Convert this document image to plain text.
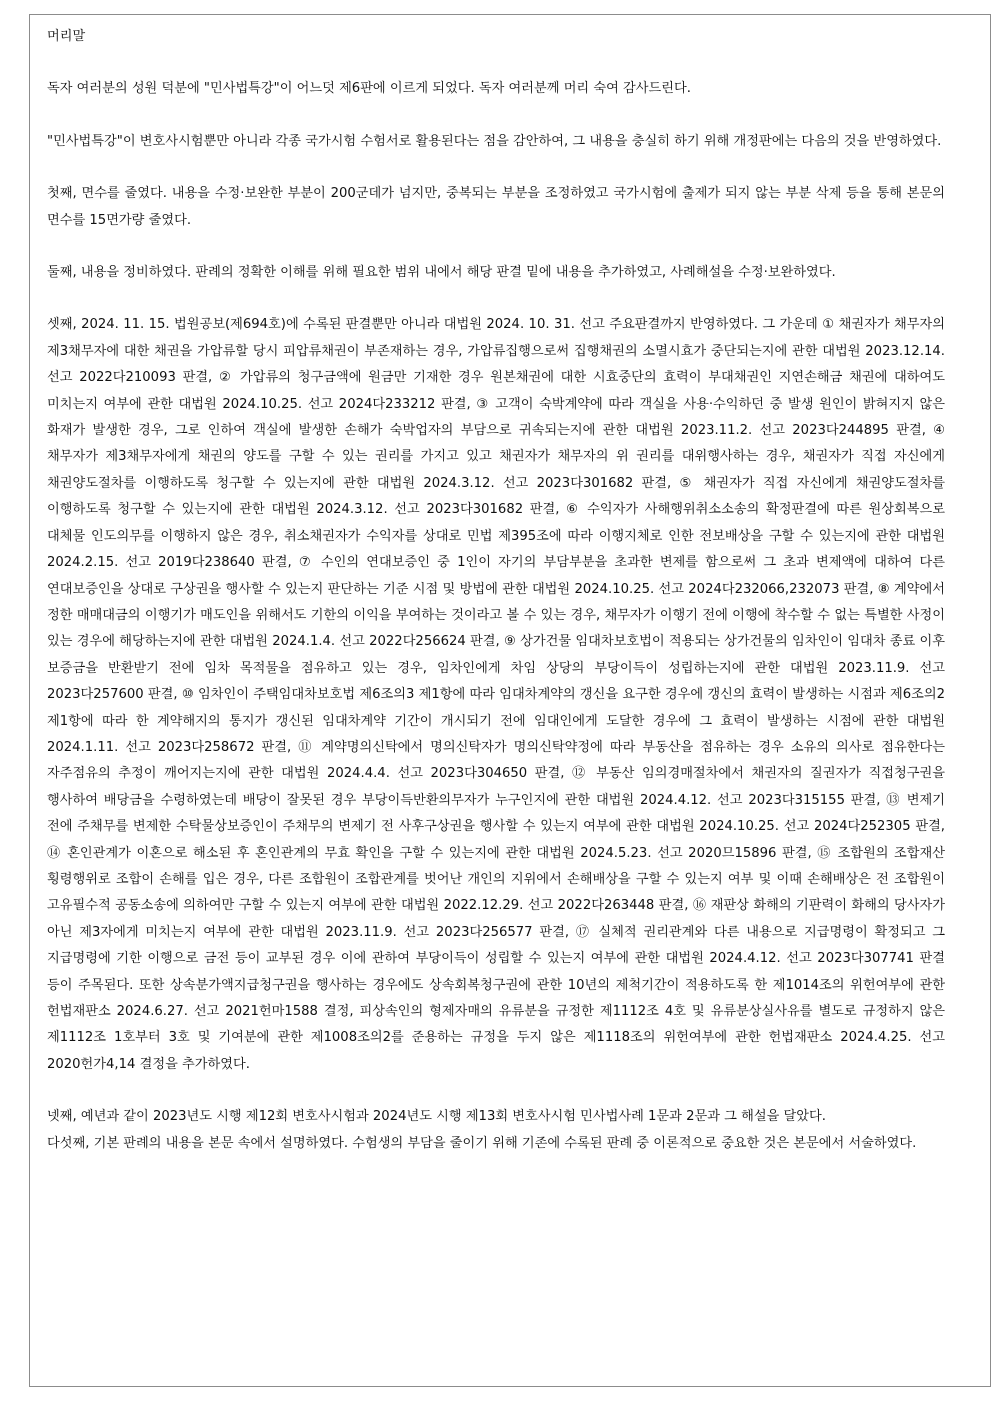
머리말

독자 여러분의 성원 덕분에 "민사법특강"이 어느덧 제6판에 이르게 되었다. 독자 여러분께 머리 숙여 감사드린다.

"민사법특강"이 변호사시험뿐만 아니라 각종 국가시험 수험서로 활용된다는 점을 감안하여, 그 내용을 충실히 하기 위해 개정판에는 다음의 것을 반영하였다.

첫째, 면수를 줄였다. 내용을 수정·보완한 부분이 200군데가 넘지만, 중복되는 부분을 조정하였고 국가시험에 출제가 되지 않는 부분 삭제 등을 통해 본문의 면수를 15면가량 줄였다.

둘째, 내용을 정비하였다. 판례의 정확한 이해를 위해 필요한 범위 내에서 해당 판결 밑에 내용을 추가하였고, 사례해설을 수정·보완하였다.

셋째, 2024. 11. 15. 법원공보(제694호)에 수록된 판결뿐만 아니라 대법원 2024. 10. 31. 선고 주요판결까지 반영하였다. 그 가운데 ① 채권자가 채무자의 제3채무자에 대한 채권을 가압류할 당시 피압류채권이 부존재하는 경우, 가압류집행으로써 집행채권의 소멸시효가 중단되는지에 관한 대법원 2023.12.14. 선고 2022다210093 판결, ② 가압류의 청구금액에 원금만 기재한 경우 원본채권에 대한 시효중단의 효력이 부대채권인 지연손해금 채권에 대하여도 미치는지 여부에 관한 대법원 2024.10.25. 선고 2024다233212 판결, ③ 고객이 숙박계약에 따라 객실을 사용·수익하던 중 발생 원인이 밝혀지지 않은 화재가 발생한 경우, 그로 인하여 객실에 발생한 손해가 숙박업자의 부담으로 귀속되는지에 관한 대법원 2023.11.2. 선고 2023다244895 판결, ④ 채무자가 제3채무자에게 채권의 양도를 구할 수 있는 권리를 가지고 있고 채권자가 채무자의 위 권리를 대위행사하는 경우, 채권자가 직접 자신에게 채권양도절차를 이행하도록 청구할 수 있는지에 관한 대법원 2024.3.12. 선고 2023다301682 판결, ⑤ 채권자가 직접 자신에게 채권양도절차를 이행하도록 청구할 수 있는지에 관한 대법원 2024.3.12. 선고 2023다301682 판결, ⑥ 수익자가 사해행위취소소송의 확정판결에 따른 원상회복으로 대체물 인도의무를 이행하지 않은 경우, 취소채권자가 수익자를 상대로 민법 제395조에 따라 이행지체로 인한 전보배상을 구할 수 있는지에 관한 대법원 2024.2.15. 선고 2019다238640 판결, ⑦ 수인의 연대보증인 중 1인이 자기의 부담부분을 초과한 변제를 함으로써 그 초과 변제액에 대하여 다른 연대보증인을 상대로 구상권을 행사할 수 있는지 판단하는 기준 시점 및 방법에 관한 대법원 2024.10.25. 선고 2024다232066,232073 판결, ⑧ 계약에서 정한 매매대금의 이행기가 매도인을 위해서도 기한의 이익을 부여하는 것이라고 볼 수 있는 경우, 채무자가 이행기 전에 이행에 착수할 수 없는 특별한 사정이 있는 경우에 해당하는지에 관한 대법원 2024.1.4. 선고 2022다256624 판결, ⑨ 상가건물 임대차보호법이 적용되는 상가건물의 임차인이 임대차 종료 이후 보증금을 반환받기 전에 임차 목적물을 점유하고 있는 경우, 임차인에게 차임 상당의 부당이득이 성립하는지에 관한 대법원 2023.11.9. 선고 2023다257600 판결, ⑩ 임차인이 주택임대차보호법 제6조의3 제1항에 따라 임대차계약의 갱신을 요구한 경우에 갱신의 효력이 발생하는 시점과 제6조의2 제1항에 따라 한 계약해지의 통지가 갱신된 임대차계약 기간이 개시되기 전에 임대인에게 도달한 경우에 그 효력이 발생하는 시점에 관한 대법원 2024.1.11. 선고 2023다258672 판결, ⑪ 계약명의신탁에서 명의신탁자가 명의신탁약정에 따라 부동산을 점유하는 경우 소유의 의사로 점유한다는 자주점유의 추정이 깨어지는지에 관한 대법원 2024.4.4. 선고 2023다304650 판결, ⑫ 부동산 임의경매절차에서 채권자의 질권자가 직접청구권을 행사하여 배당금을 수령하였는데 배당이 잘못된 경우 부당이득반환의무자가 누구인지에 관한 대법원 2024.4.12. 선고 2023다315155 판결, ⑬ 변제기 전에 주채무를 변제한 수탁물상보증인이 주채무의 변제기 전 사후구상권을 행사할 수 있는지 여부에 관한 대법원 2024.10.25. 선고 2024다252305 판결, ⑭ 혼인관계가 이혼으로 해소된 후 혼인관계의 무효 확인을 구할 수 있는지에 관한 대법원 2024.5.23. 선고 2020므15896 판결, ⑮ 조합원의 조합재산 횡령행위로 조합이 손해를 입은 경우, 다른 조합원이 조합관계를 벗어난 개인의 지위에서 손해배상을 구할 수 있는지 여부 및 이때 손해배상은 전 조합원이 고유필수적 공동소송에 의하여만 구할 수 있는지 여부에 관한 대법원 2022.12.29. 선고 2022다263448 판결, ⑯ 재판상 화해의 기판력이 화해의 당사자가 아닌 제3자에게 미치는지 여부에 관한 대법원 2023.11.9. 선고 2023다256577 판결, ⑰ 실체적 권리관계와 다른 내용으로 지급명령이 확정되고 그 지급명령에 기한 이행으로 금전 등이 교부된 경우 이에 관하여 부당이득이 성립할 수 있는지 여부에 관한 대법원 2024.4.12. 선고 2023다307741 판결 등이 주목된다. 또한 상속분가액지급청구권을 행사하는 경우에도 상속회복청구권에 관한 10년의 제척기간이 적용하도록 한 제1014조의 위헌여부에 관한 헌법재판소 2024.6.27. 선고 2021헌마1588 결정, 피상속인의 형제자매의 유류분을 규정한 제1112조 4호 및 유류분상실사유를 별도로 규정하지 않은 제1112조 1호부터 3호 및 기여분에 관한 제1008조의2를 준용하는 규정을 두지 않은 제1118조의 위헌여부에 관한 헌법재판소 2024.4.25. 선고 2020헌가4,14 결정을 추가하였다.

넷째, 예년과 같이 2023년도 시행 제12회 변호사시험과 2024년도 시행 제13회 변호사시험 민사법사례 1문과 2문과 그 해설을 달았다.

다섯째, 기본 판례의 내용을 본문 속에서 설명하였다. 수험생의 부담을 줄이기 위해 기존에 수록된 판례 중 이론적으로 중요한 것은 본문에서 서술하였다.
